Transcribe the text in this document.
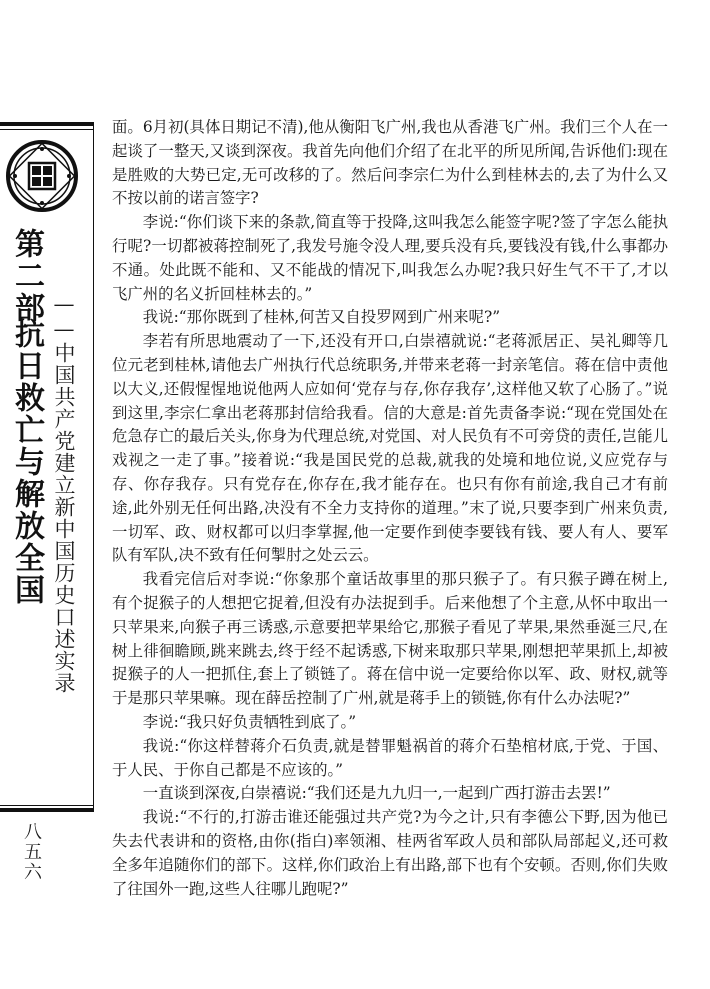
第二部
抗日救亡与解放全国 ——中国共产党建立新中国历史口述实录
八五六

面。6月初(具体日期记不清),他从衡阳飞广州,我也从香港飞广州。我们三个人在一起谈了一整天,又谈到深夜。我首先向他们介绍了在北平的所见所闻,告诉他们:现在是胜败的大势已定,无可改移的了。然后问李宗仁为什么到桂林去的,去了为什么又不按以前的诺言签字?

李说:“你们谈下来的条款,简直等于投降,这叫我怎么能签字呢?签了字怎么能执行呢?一切都被蒋控制死了,我发号施令没人理,要兵没有兵,要钱没有钱,什么事都办不通。处此既不能和、又不能战的情况下,叫我怎么办呢?我只好生气不干了,才以飞广州的名义折回桂林去的。”

我说:“那你既到了桂林,何苦又自投罗网到广州来呢?”

李若有所思地震动了一下,还没有开口,白崇禧就说:“老蒋派居正、吴礼卿等几位元老到桂林,请他去广州执行代总统职务,并带来老蒋一封亲笔信。蒋在信中责他以大义,还假惺惺地说他两人应如何‘党存与存,你存我存’,这样他又软了心肠了。”说到这里,李宗仁拿出老蒋那封信给我看。信的大意是:首先责备李说:“现在党国处在危急存亡的最后关头,你身为代理总统,对党国、对人民负有不可旁贷的责任,岂能儿戏视之一走了事。”接着说:“我是国民党的总裁,就我的处境和地位说,义应党存与存、你存我存。只有党存在,你存在,我才能存在。也只有你有前途,我自己才有前途,此外别无任何出路,决没有不全力支持你的道理。”末了说,只要李到广州来负责,一切军、政、财权都可以归李掌握,他一定要作到使李要钱有钱、要人有人、要军队有军队,决不致有任何掣肘之处云云。

我看完信后对李说:“你象那个童话故事里的那只猴子了。有只猴子蹲在树上,有个捉猴子的人想把它捉着,但没有办法捉到手。后来他想了个主意,从怀中取出一只苹果来,向猴子再三诱惑,示意要把苹果给它,那猴子看见了苹果,果然垂涎三尺,在树上徘徊瞻顾,跳来跳去,终于经不起诱惑,下树来取那只苹果,刚想把苹果抓上,却被捉猴子的人一把抓住,套上了锁链了。蒋在信中说一定要给你以军、政、财权,就等于是那只苹果嘛。现在薛岳控制了广州,就是蒋手上的锁链,你有什么办法呢?”

李说:“我只好负责牺牲到底了。”

我说:“你这样替蒋介石负责,就是替罪魁祸首的蒋介石垫棺材底,于党、于国、于人民、于你自己都是不应该的。”

一直谈到深夜,白崇禧说:“我们还是九九归一,一起到广西打游击去罢!”

我说:“不行的,打游击谁还能强过共产党?为今之计,只有李德公下野,因为他已失去代表讲和的资格,由你(指白)率领湘、桂两省军政人员和部队局部起义,还可救全多年追随你们的部下。这样,你们政治上有出路,部下也有个安顿。否则,你们失败了往国外一跑,这些人往哪儿跑呢?”
